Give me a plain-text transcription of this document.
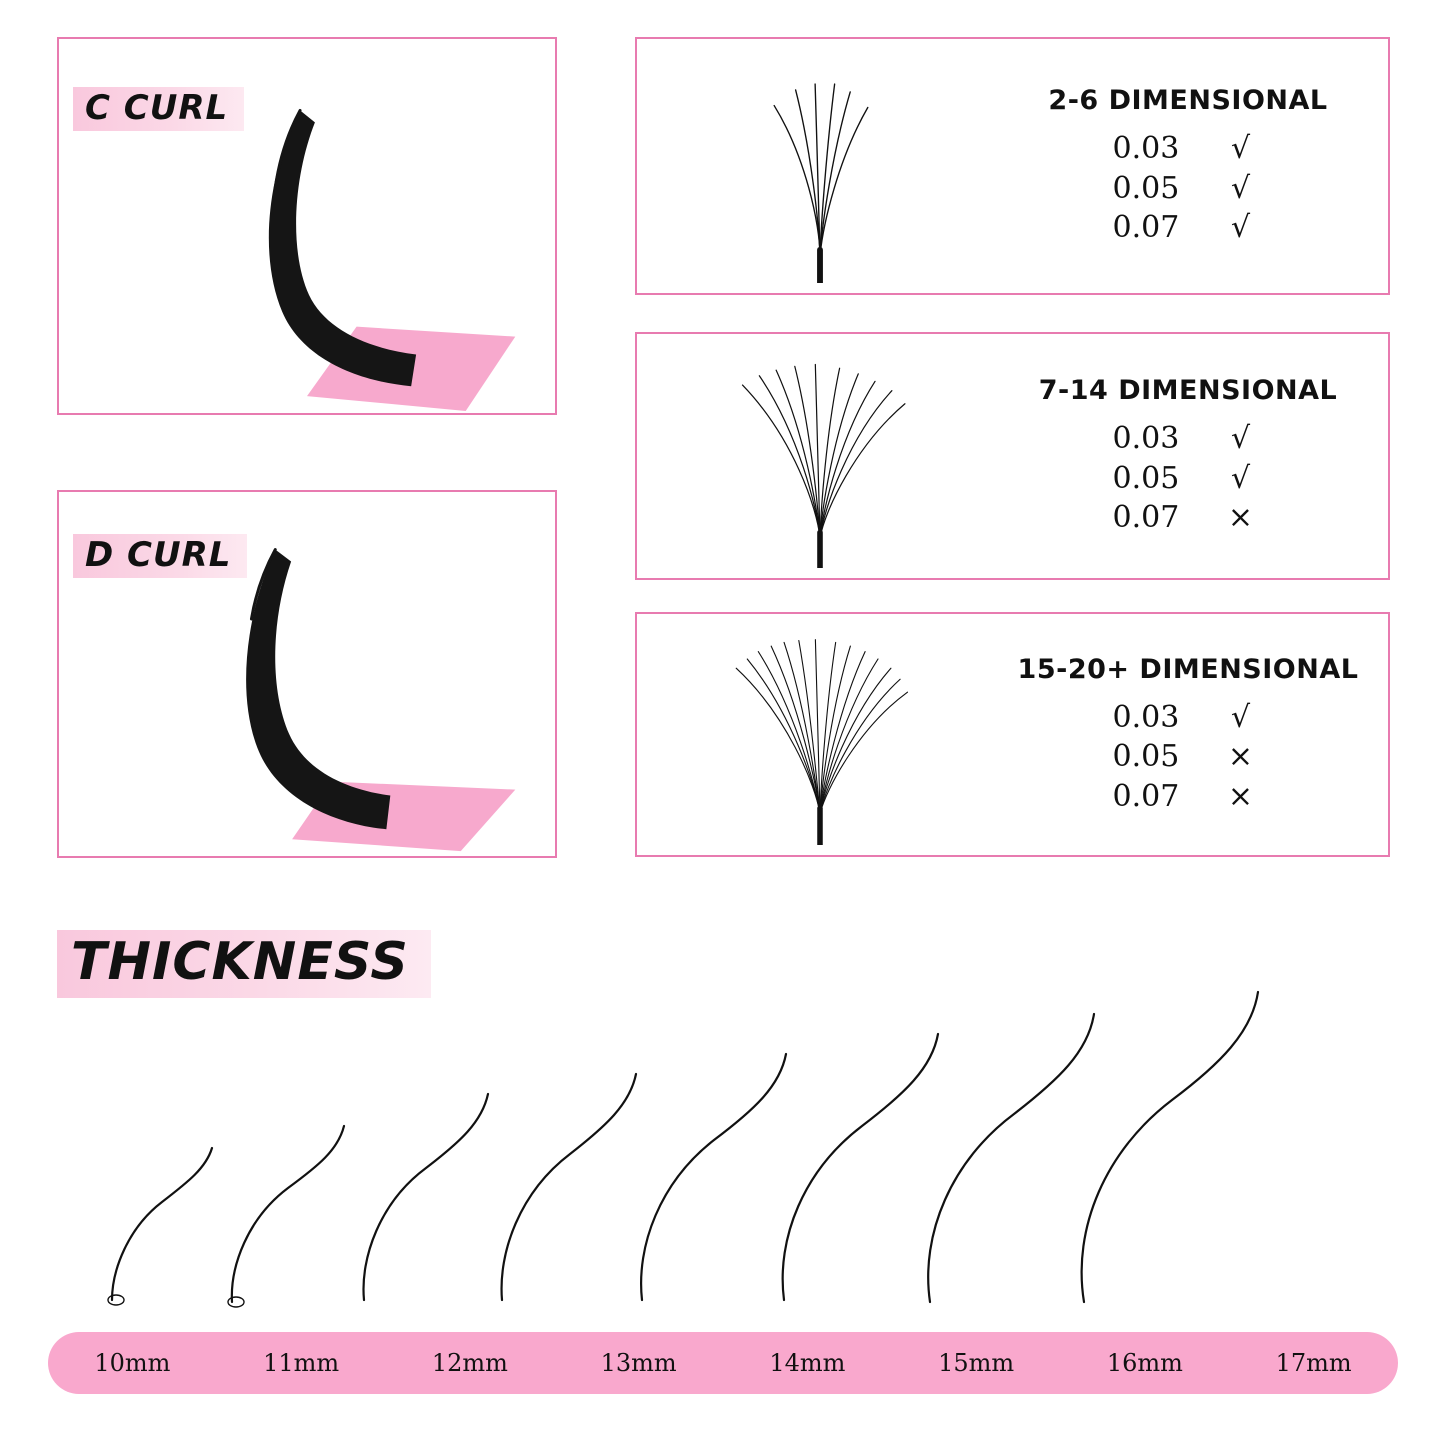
C CURL
D CURL
2-6 DIMENSIONAL
0.03	√
0.05	√
0.07	√
7-14 DIMENSIONAL
0.03	√
0.05	√
0.07	×
15-20+ DIMENSIONAL
0.03	√
0.05	×
0.07	×
THICKNESS
10mm	11mm	12mm	13mm	14mm	15mm	16mm	17mm
